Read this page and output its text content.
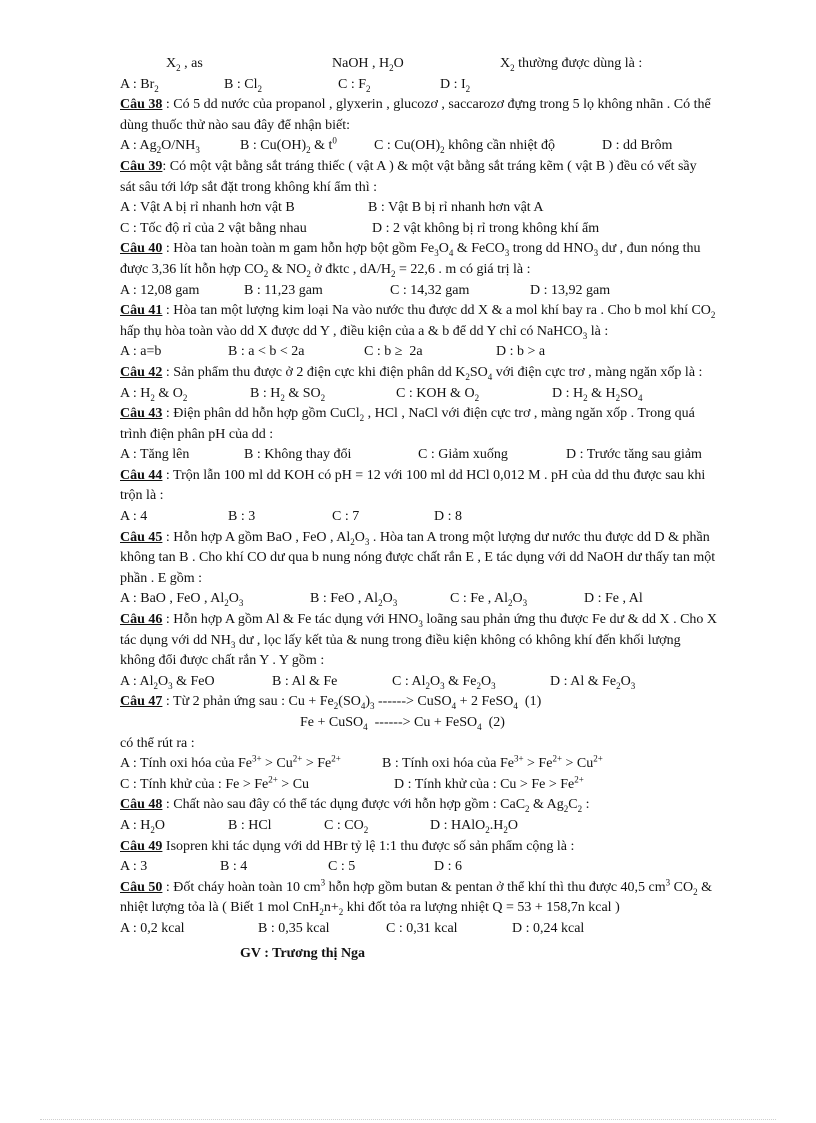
$X_2$ , as	NaOH , $H_2O$	$X_2$ thường được dùng là :
A : $Br_2$	B : $Cl_2$	C : $F_2$	D : $I_2$
Câu 38 : Có 5 dd nước của propanol , glyxerin , glucozơ , saccarozơ đựng trong 5 lọ không nhãn . Có thể
dùng thuốc thử nào sau đây để nhận biết:
A : $Ag_2O/NH_3$	B : $Cu(OH)_2$ & $t^0$	C : $Cu(OH)_2$ không cần nhiệt độ	D : dd Brôm
Câu 39: Có một vật bằng sắt tráng thiếc ( vật A ) & một vật bằng sắt tráng kẽm ( vật B ) đều có vết sầy
sát sâu tới lớp sắt đặt trong không khí ẩm thì :
A : Vật A bị rỉ nhanh hơn vật B	B : Vật B bị rỉ nhanh hơn vật A
C : Tốc độ rỉ của 2 vật bằng nhau	D : 2 vật không bị rỉ trong không khí ẩm
Câu 40 : Hòa tan hoàn toàn m gam hỗn hợp bột gồm $Fe_3O_4$ & FeCO$_3$ trong dd $HNO_3$ dư , đun nóng thu
được 3,36 lít hỗn hợp $CO_2$ & $NO_2$ ở đktc , $dA/H_2 = 22,6$ . m có giá trị là :
A : 12,08 gam	B : 11,23 gam	C : 14,32 gam	D : 13,92 gam
Câu 41 : Hòa tan một lượng kim loại Na vào nước thu được dd X & a mol khí bay ra . Cho b mol khí $CO_2$
hấp thụ hòa toàn vào dd X được dd Y , điều kiện của a & b để dd Y chỉ có NaHCO$_3$ là :
A : a=b	B : a < b < 2a	C : b ≥  2a	D : b > a
Câu 42 : Sản phẩm thu được ở 2 điện cực khi điện phân dd $K_2SO_4$ với điện cực trơ , màng ngăn xốp là :
A : $H_2$ & $O_2$	B : $H_2$ & $SO_2$	C : KOH & $O_2$	D : $H_2$ & $H_2SO_4$
Câu 43 : Điện phân dd hỗn hợp gồm CuCl$_2$ , HCl , NaCl với điện cực trơ , màng ngăn xốp . Trong quá
trình điện phân pH của dd :
A : Tăng lên	B : Không thay đổi	C : Giảm xuống	D : Trước tăng sau giảm
Câu 44 : Trộn lẫn 100 ml dd KOH có pH = 12 với 100 ml dd HCl 0,012 M . pH của dd thu được sau khi
trộn là :
A : 4	B : 3	C : 7	D : 8
Câu 45 : Hỗn hợp A gồm BaO , FeO , $Al_2O_3$ . Hòa tan A trong một lượng dư nước thu được dd D & phần
không tan B . Cho khí CO dư qua b nung nóng được chất rắn E , E tác dụng với dd NaOH dư thấy tan một
phần . E gồm :
A : BaO , FeO , $Al_2O_3$	B : FeO , $Al_2O_3$	C : Fe , $Al_2O_3$	D : Fe , Al
Câu 46 : Hỗn hợp A gồm Al & Fe tác dụng với $HNO_3$ loãng sau phản ứng thu được Fe dư & dd X . Cho X
tác dụng với dd $NH_3$ dư , lọc lấy kết tủa & nung trong điều kiện không có không khí đến khối lượng
không đổi được chất rắn Y . Y gồm :
A : $Al_2O_3$ & FeO	B : Al & Fe	C : $Al_2O_3$ & $Fe_2O_3$	D : Al & $Fe_2O_3$
Câu 47 : Từ 2 phản ứng sau : $Cu + Fe_2(SO_4)_3$ ------> CuSO$_4$ + 2 FeSO$_4$  (1)
Fe + CuSO$_4$  ------> Cu + FeSO$_4$  (2)
có thể rút ra :
A : Tính oxi hóa của $Fe^{3+} > Cu^{2+} > Fe^{2+}$	B : Tính oxi hóa của $Fe^{3+} > Fe^{2+} > Cu^{2+}$
C : Tính khử của : $Fe > Fe^{2+} > Cu$	D : Tính khử của : $Cu > Fe > Fe^{2+}$
Câu 48 : Chất nào sau đây có thể tác dụng được với hỗn hợp gồm : CaC$_2$ & $Ag_2C_2$ :
A : $H_2O$	B : HCl	C : $CO_2$	D : $HAlO_2.H_2O$
Câu 49 Isopren khi tác dụng với dd HBr tỷ lệ 1:1 thu được số sản phẩm cộng là :
A : 3	B : 4	C : 5	D : 6
Câu 50 : Đốt cháy hoàn toàn 10 $cm^3$ hỗn hợp gồm butan & pentan ở thể khí thì thu được 40,5 $cm^3$ $CO_2$ &
nhiệt lượng tỏa là ( Biết 1 mol $CnH_2n+_2$ khi đốt tỏa ra lượng nhiệt Q = 53 + 158,7n kcal )
A : 0,2 kcal	B : 0,35 kcal	C : 0,31 kcal	D : 0,24 kcal
GV : Trương thị Nga
